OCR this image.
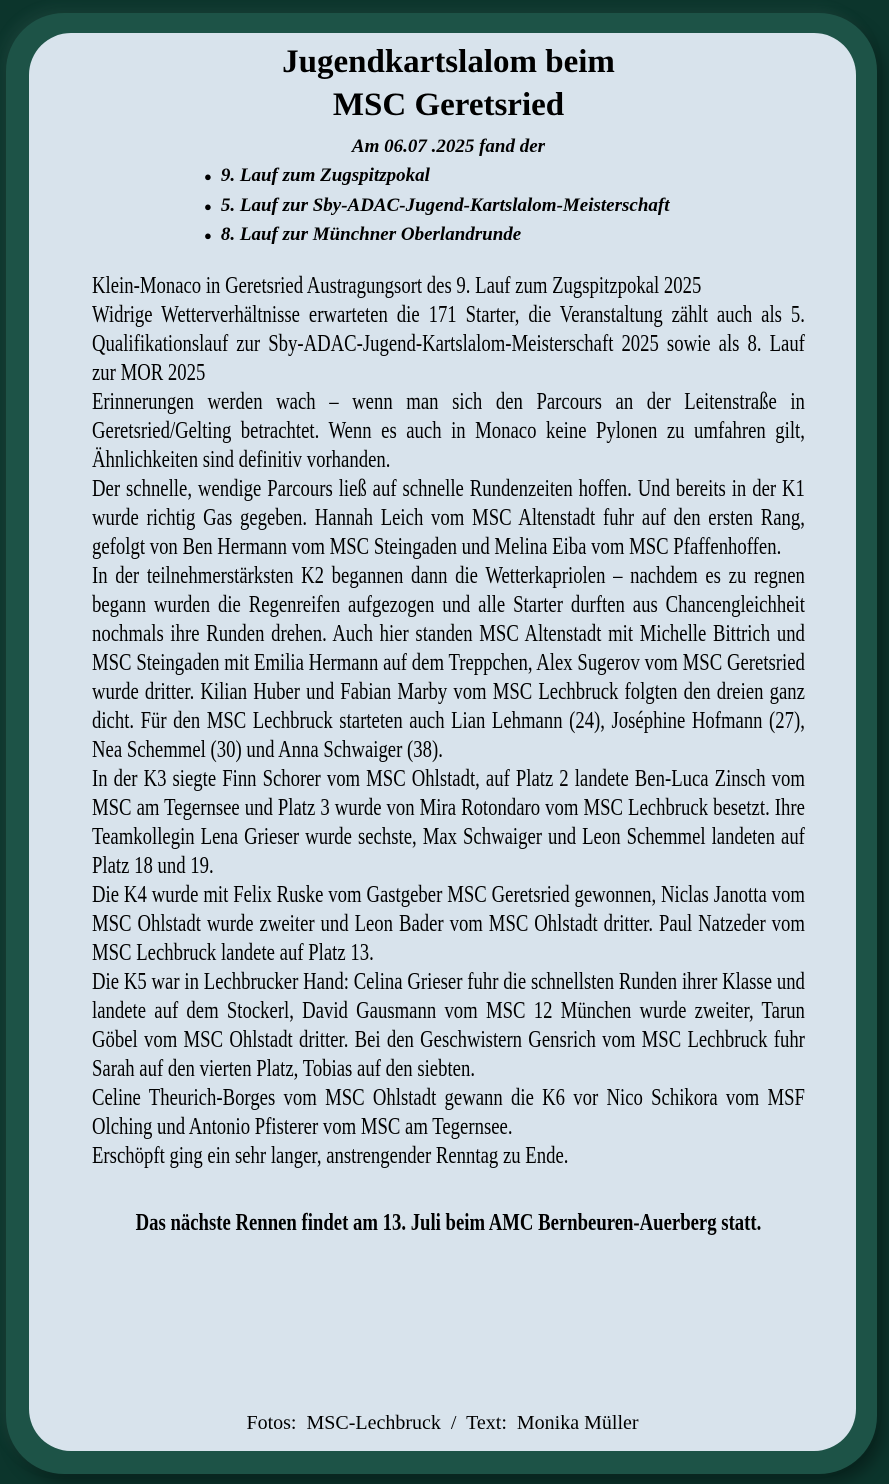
Jugendkartslalom beim
MSC Geretsried
Am 06.07 .2025 fand der
● 9. Lauf zum Zugspitzpokal
● 5. Lauf zur Sby-ADAC-Jugend-Kartslalom-Meisterschaft
● 8. Lauf zur Münchner Oberlandrunde

Klein-Monaco in Geretsried Austragungsort des 9. Lauf zum Zugspitzpokal 2025

Widrige Wetterverhältnisse erwarteten die 171 Starter, die Veranstaltung zählt auch als 5. Qualifikationslauf zur Sby-ADAC-Jugend-Kartslalom-Meisterschaft 2025 sowie als 8. Lauf zur MOR 2025

Erinnerungen werden wach – wenn man sich den Parcours an der Leitenstraße in Geretsried/Gelting betrachtet. Wenn es auch in Monaco keine Pylonen zu umfahren gilt, Ähnlichkeiten sind definitiv vorhanden.

Der schnelle, wendige Parcours ließ auf schnelle Rundenzeiten hoffen. Und bereits in der K1 wurde richtig Gas gegeben. Hannah Leich vom MSC Altenstadt fuhr auf den ersten Rang, gefolgt von Ben Hermann vom MSC Steingaden und Melina Eiba vom MSC Pfaffenhoffen.

In der teilnehmerstärksten K2 begannen dann die Wetterkapriolen – nachdem es zu regnen begann wurden die Regenreifen aufgezogen und alle Starter durften aus Chancengleichheit nochmals ihre Runden drehen. Auch hier standen MSC Altenstadt mit Michelle Bittrich und MSC Steingaden mit Emilia Hermann auf dem Treppchen, Alex Sugerov vom MSC Geretsried wurde dritter. Kilian Huber und Fabian Marby vom MSC Lechbruck folgten den dreien ganz dicht. Für den MSC Lechbruck starteten auch Lian Lehmann (24), Joséphine Hofmann (27), Nea Schemmel (30) und Anna Schwaiger (38).

In der K3 siegte Finn Schorer vom MSC Ohlstadt, auf Platz 2 landete Ben-Luca Zinsch vom MSC am Tegernsee und Platz 3 wurde von Mira Rotondaro vom MSC Lechbruck besetzt. Ihre Teamkollegin Lena Grieser wurde sechste, Max Schwaiger und Leon Schemmel landeten auf Platz 18 und 19.

Die K4 wurde mit Felix Ruske vom Gastgeber MSC Geretsried gewonnen, Niclas Janotta vom MSC Ohlstadt wurde zweiter und Leon Bader vom MSC Ohlstadt dritter. Paul Natzeder vom MSC Lechbruck landete auf Platz 13.

Die K5 war in Lechbrucker Hand: Celina Grieser fuhr die schnellsten Runden ihrer Klasse und landete auf dem Stockerl, David Gausmann vom MSC 12 München wurde zweiter, Tarun Göbel vom MSC Ohlstadt dritter. Bei den Geschwistern Gensrich vom MSC Lechbruck fuhr Sarah auf den vierten Platz, Tobias auf den siebten.

Celine Theurich-Borges vom MSC Ohlstadt gewann die K6 vor Nico Schikora vom MSF Olching und Antonio Pfisterer vom MSC am Tegernsee.

Erschöpft ging ein sehr langer, anstrengender Renntag zu Ende.

Das nächste Rennen findet am 13. Juli beim AMC Bernbeuren-Auerberg statt.

Fotos:  MSC-Lechbruck  /  Text:  Monika Müller
